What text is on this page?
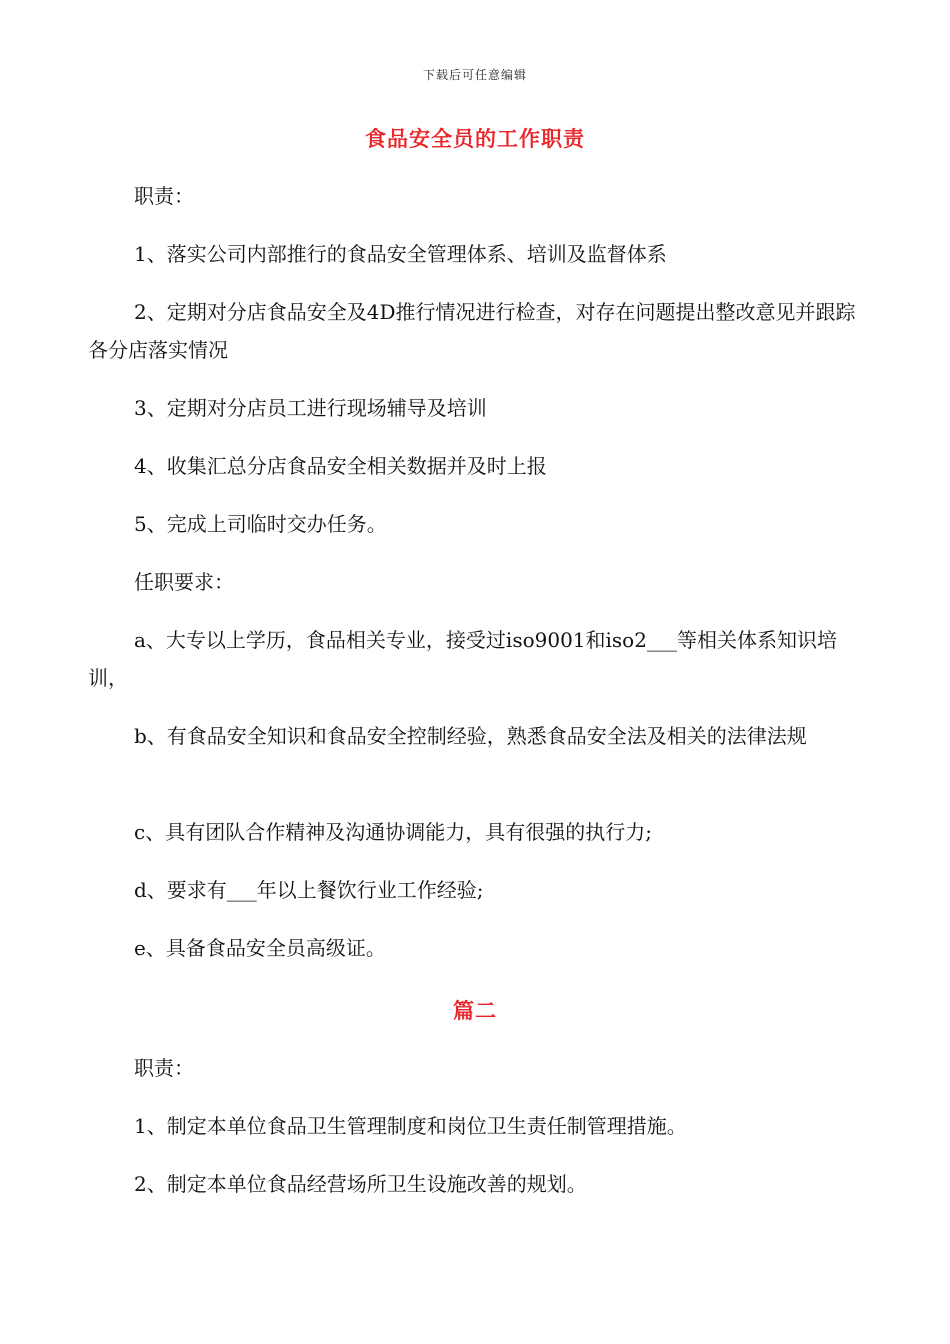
下载后可任意编辑
食品安全员的工作职责
职责：
1、落实公司内部推行的食品安全管理体系、培训及监督体系
2、定期对分店食品安全及4D推行情况进行检查，对存在问题提出整改意见并跟踪各分店落实情况
3、定期对分店员工进行现场辅导及培训
4、收集汇总分店食品安全相关数据并及时上报
5、完成上司临时交办任务。
任职要求：
a、大专以上学历，食品相关专业，接受过iso9001和iso2___等相关体系知识培训，
b、有食品安全知识和食品安全控制经验，熟悉食品安全法及相关的法律法规
c、具有团队合作精神及沟通协调能力，具有很强的执行力;
d、要求有___年以上餐饮行业工作经验;
e、具备食品安全员高级证。
篇二
职责：
1、制定本单位食品卫生管理制度和岗位卫生责任制管理措施。
2、制定本单位食品经营场所卫生设施改善的规划。
